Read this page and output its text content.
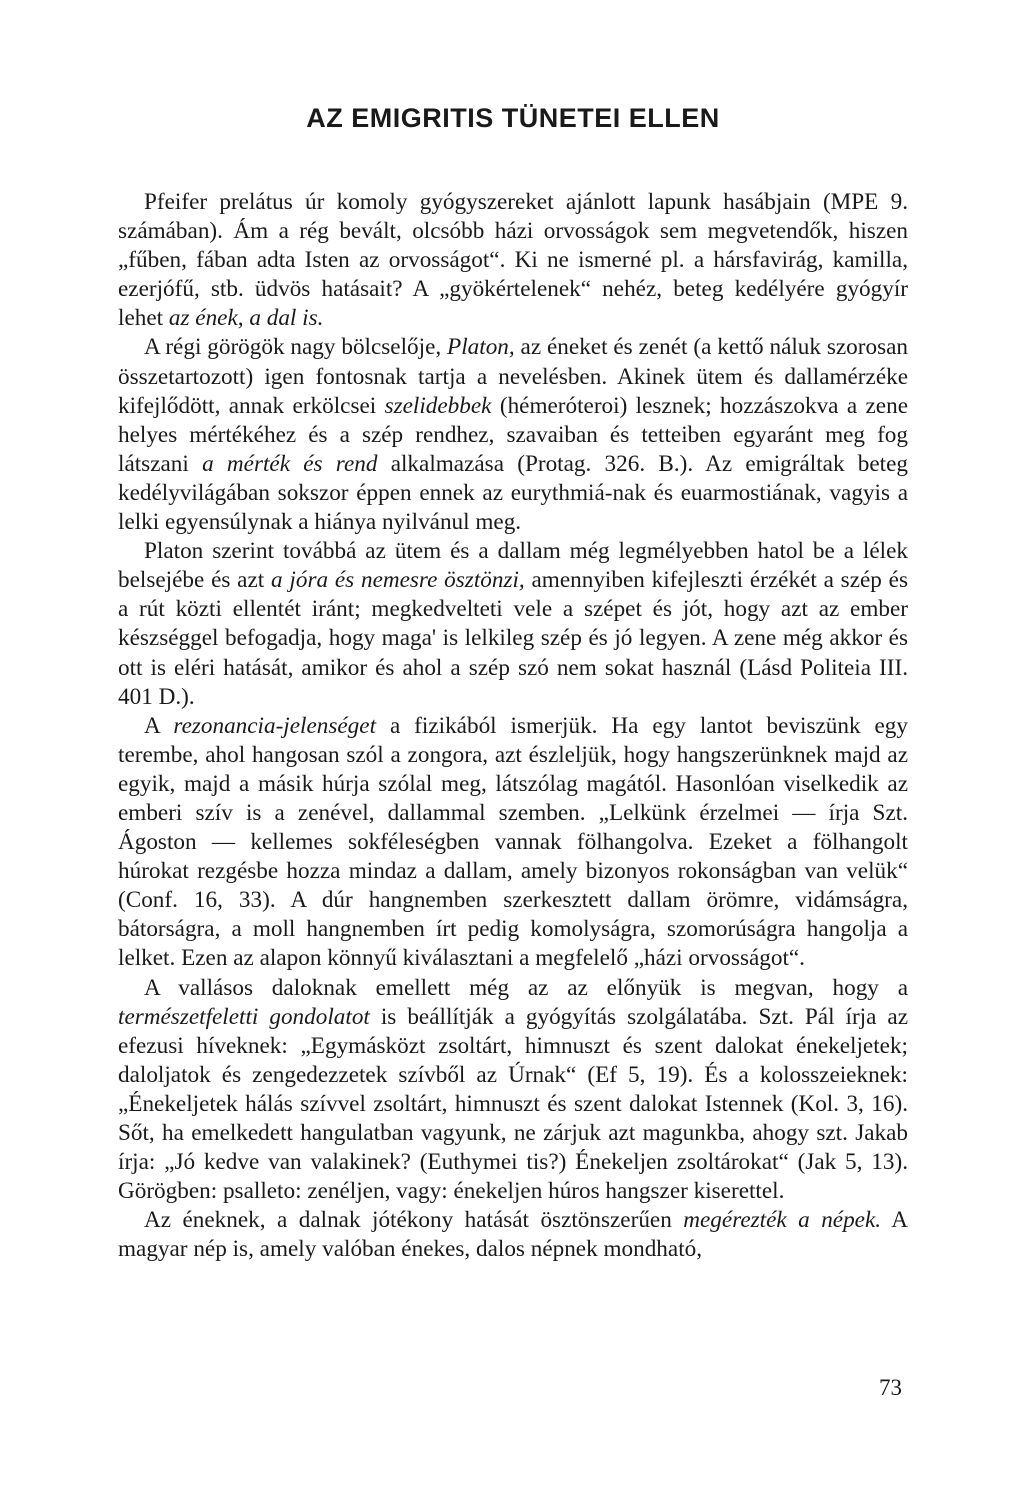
AZ EMIGRITIS TÜNETEI ELLEN

Pfeifer prelátus úr komoly gyógyszereket ajánlott lapunk hasábjain (MPE 9. számában). Ám a rég bevált, olcsóbb házi orvosságok sem megvetendők, hiszen „fűben, fában adta Isten az orvosságot“. Ki ne ismerné pl. a hársfavirág, kamilla, ezerjófű, stb. üdvös hatásait? A „gyökértelenek“ nehéz, beteg kedélyére gyógyír lehet az ének, a dal is.

A régi görögök nagy bölcselője, Platon, az éneket és zenét (a kettő náluk szorosan összetartozott) igen fontosnak tartja a nevelésben. Akinek ütem és dallamérzéke kifejlődött, annak erkölcsei szelidebbek (hémeróteroi) lesznek; hozzászokva a zene helyes mértékéhez és a szép rendhez, szavaiban és tetteiben egyaránt meg fog látszani a mérték és rend alkalmazása (Protag. 326. B.). Az emigráltak beteg kedélyvilágában sokszor éppen ennek az eurythmiá-nak és euarmostiának, vagyis a lelki egyensúlynak a hiánya nyilvánul meg.

Platon szerint továbbá az ütem és a dallam még legmélyebben hatol be a lélek belsejébe és azt a jóra és nemesre ösztönzi, amennyiben kifejleszti érzékét a szép és a rút közti ellentét iránt; megkedvelteti vele a szépet és jót, hogy azt az ember készséggel befogadja, hogy maga' is lelkileg szép és jó legyen. A zene még akkor és ott is eléri hatását, amikor és ahol a szép szó nem sokat használ (Lásd Politeia III. 401 D.).

A rezonancia-jelenséget a fizikából ismerjük. Ha egy lantot beviszünk egy terembe, ahol hangosan szól a zongora, azt észleljük, hogy hangszerünknek majd az egyik, majd a másik húrja szólal meg, látszólag magától. Hasonlóan viselkedik az emberi szív is a zenével, dallammal szemben. „Lelkünk érzelmei — írja Szt. Ágoston — kellemes sokféleségben vannak fölhangolva. Ezeket a fölhangolt húrokat rezgésbe hozza mindaz a dallam, amely bizonyos rokonságban van velük“ (Conf. 16, 33). A dúr hangnemben szerkesztett dallam örömre, vidámságra, bátorságra, a moll hangnemben írt pedig komolyságra, szomorúságra hangolja a lelket. Ezen az alapon könnyű kiválasztani a megfelelő „házi orvosságot“.

A vallásos daloknak emellett még az az előnyük is megvan, hogy a természetfeletti gondolatot is beállítják a gyógyítás szolgálatába. Szt. Pál írja az efezusi híveknek: „Egymásközt zsoltárt, himnuszt és szent dalokat énekeljetek; daloljatok és zengedezzetek szívből az Úrnak“ (Ef 5, 19). És a kolosszeieknek: „Énekeljetek hálás szívvel zsoltárt, himnuszt és szent dalokat Istennek (Kol. 3, 16). Sőt, ha emelkedett hangulatban vagyunk, ne zárjuk azt magunkba, ahogy szt. Jakab írja: „Jó kedve van valakinek? (Euthymei tis?) Énekeljen zsoltárokat“ (Jak 5, 13). Görögben: psalleto: zenéljen, vagy: énekeljen húros hangszer kiserettel.

Az éneknek, a dalnak jótékony hatását ösztönszerűen megérezték a népek. A magyar nép is, amely valóban énekes, dalos népnek mondható,

73
